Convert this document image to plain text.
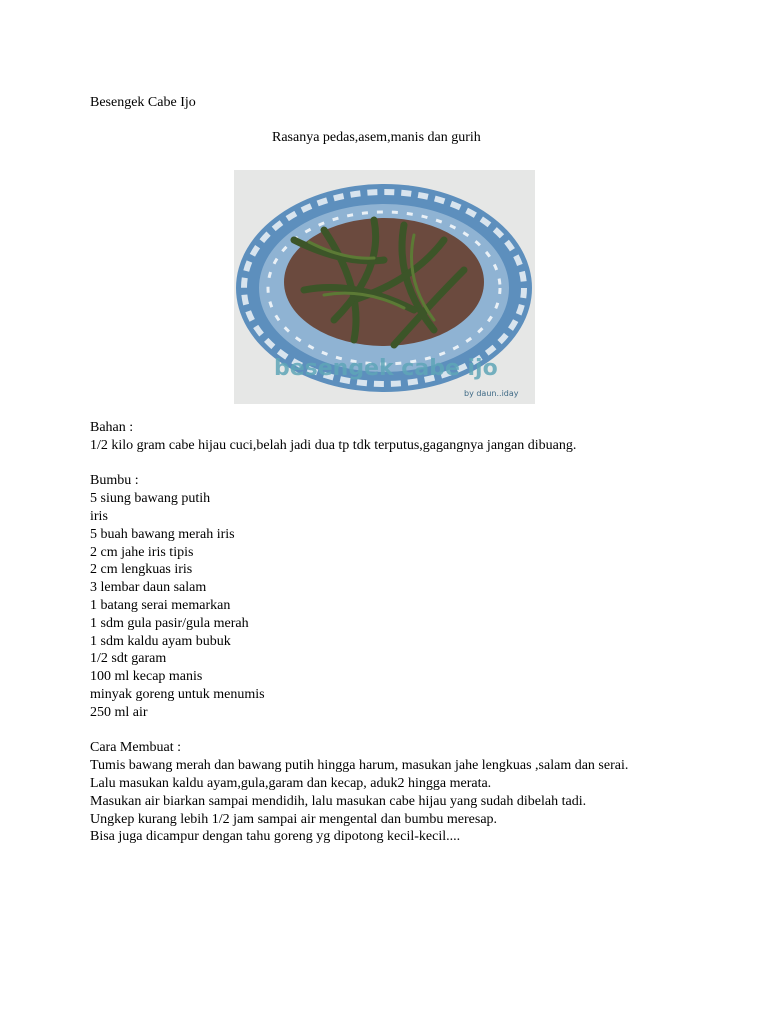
Besengek Cabe Ijo
Rasanya pedas,asem,manis dan gurih
besengek cabe ijo
by daun..iday
Bahan :
1/2 kilo gram cabe hijau cuci,belah jadi dua tp tdk terputus,gagangnya jangan dibuang.
Bumbu :
5 siung bawang putih
iris
5 buah bawang merah iris
2 cm jahe iris tipis
2 cm lengkuas iris
3 lembar daun salam
1 batang serai memarkan
1 sdm gula pasir/gula merah
1 sdm kaldu ayam bubuk
1/2 sdt garam
100 ml kecap manis
minyak goreng untuk menumis
250 ml air
Cara Membuat :
Tumis bawang merah dan bawang putih hingga harum, masukan jahe lengkuas ,salam dan serai.
Lalu masukan kaldu ayam,gula,garam dan kecap, aduk2 hingga merata.
Masukan air biarkan sampai mendidih, lalu masukan cabe hijau yang sudah dibelah tadi.
Ungkep kurang lebih 1/2 jam sampai air mengental dan bumbu meresap.
Bisa juga dicampur dengan tahu goreng yg dipotong kecil-kecil....
